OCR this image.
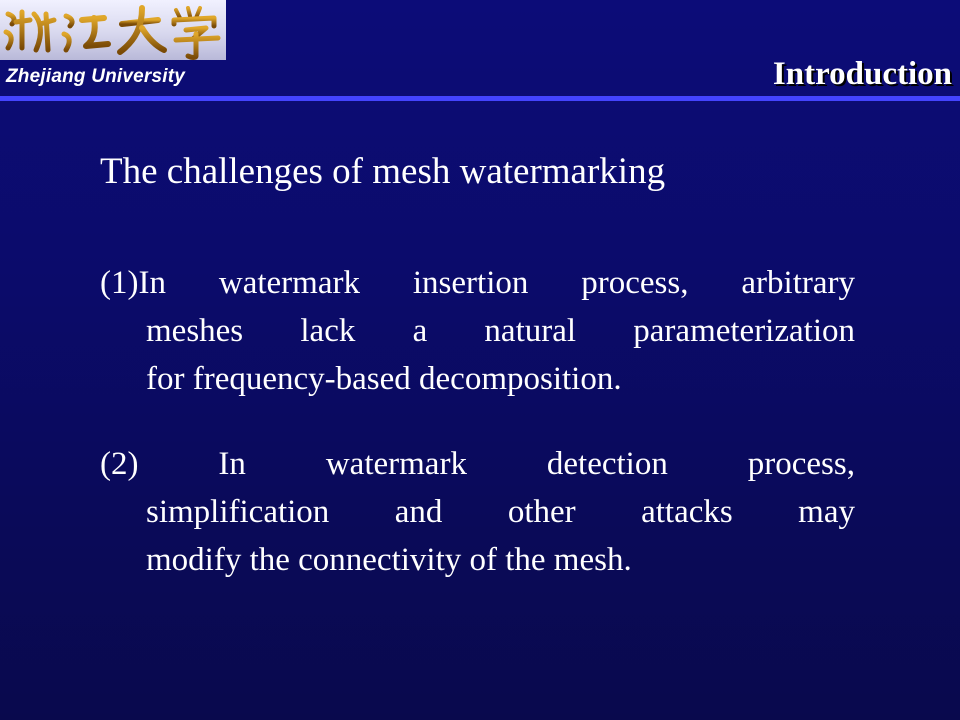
Zhejiang University	Introduction
The challenges of mesh watermarking
(1)In watermark insertion process, arbitrary
meshes lack a natural parameterization
for frequency-based decomposition.
(2) In watermark detection process,
simplification and other attacks may
modify the connectivity of the mesh.
